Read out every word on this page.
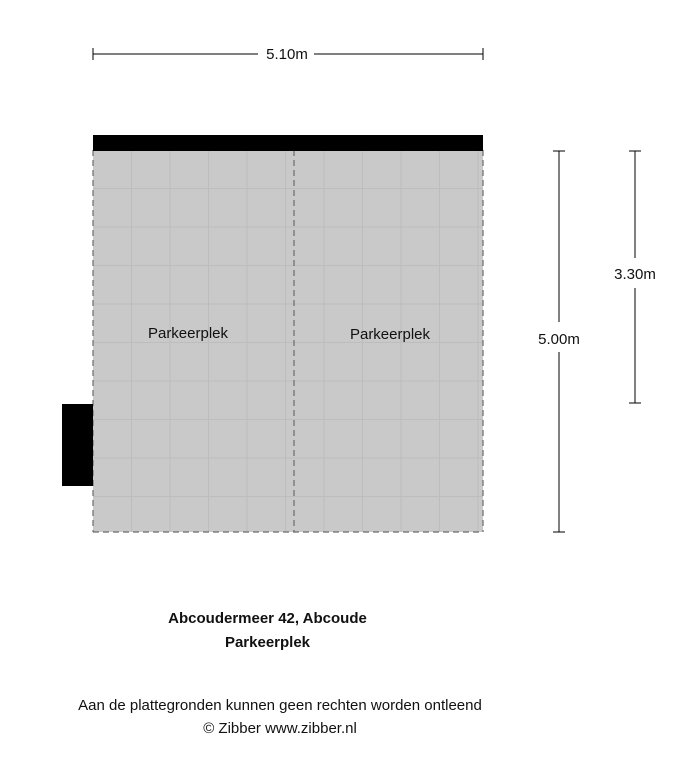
Parkeerplek	Parkeerplek
5.10m
5.00m
3.30m
Abcoudermeer 42, Abcoude
Parkeerplek
Aan de plattegronden kunnen geen rechten worden ontleend
© Zibber www.zibber.nl
